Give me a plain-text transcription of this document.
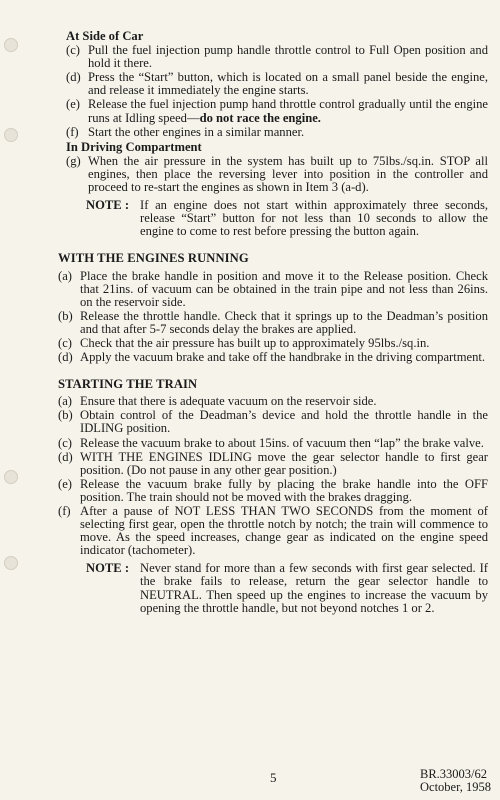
At Side of Car
(c) Pull the fuel injection pump handle throttle control to Full Open position and hold it there.
(d) Press the “Start” button, which is located on a small panel beside the engine, and release it immediately the engine starts.
(e) Release the fuel injection pump hand throttle control gradually until the engine runs at Idling speed—do not race the engine.
(f) Start the other engines in a similar manner.
In Driving Compartment
(g) When the air pressure in the system has built up to 75lbs./sq.in. STOP all engines, then place the reversing lever into position in the controller and proceed to re-start the engines as shown in Item 3 (a-d).
NOTE : If an engine does not start within approximately three seconds, release “Start” button for not less than 10 seconds to allow the engine to come to rest before pressing the button again.
WITH THE ENGINES RUNNING
(a) Place the brake handle in position and move it to the Release position. Check that 21ins. of vacuum can be obtained in the train pipe and not less than 26ins. on the reservoir side.
(b) Release the throttle handle. Check that it springs up to the Deadman’s position and that after 5-7 seconds delay the brakes are applied.
(c) Check that the air pressure has built up to approximately 95lbs./sq.in.
(d) Apply the vacuum brake and take off the handbrake in the driving compartment.
STARTING THE TRAIN
(a) Ensure that there is adequate vacuum on the reservoir side.
(b) Obtain control of the Deadman’s device and hold the throttle handle in the IDLING position.
(c) Release the vacuum brake to about 15ins. of vacuum then “lap” the brake valve.
(d) WITH THE ENGINES IDLING move the gear selector handle to first gear position. (Do not pause in any other gear position.)
(e) Release the vacuum brake fully by placing the brake handle into the OFF position. The train should not be moved with the brakes dragging.
(f) After a pause of NOT LESS THAN TWO SECONDS from the moment of selecting first gear, open the throttle notch by notch; the train will commence to move. As the speed increases, change gear as indicated on the engine speed indicator (tachometer).
NOTE : Never stand for more than a few seconds with first gear selected. If the brake fails to release, return the gear selector handle to NEUTRAL. Then speed up the engines to increase the vacuum by opening the throttle handle, but not beyond notches 1 or 2.
5	BR.33003/62
October, 1958
